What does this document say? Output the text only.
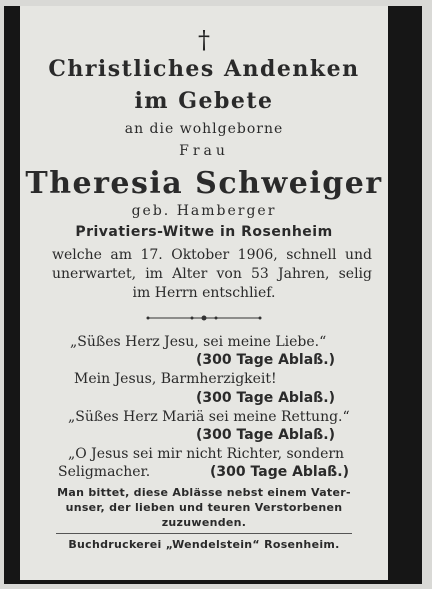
†
Christliches Andenken
im Gebete
an die wohlgeborne
Frau
Theresia Schweiger
geb. Hamberger
Privatiers-Witwe in Rosenheim
welche am 17. Oktober 1906, schnell und
unerwartet, im Alter von 53 Jahren, selig
im Herrn entschlief.
„Süßes Herz Jesu, sei meine Liebe.“
(300 Tage Ablaß.)
Mein Jesus, Barmherzigkeit!
(300 Tage Ablaß.)
„Süßes Herz Mariä sei meine Rettung.“
(300 Tage Ablaß.)
„O Jesus sei mir nicht Richter, sondern
Seligmacher.	(300 Tage Ablaß.)
Man bittet, diese Ablässe nebst einem Vater-
unser, der lieben und teuren Verstorbenen
zuzuwenden.
Buchdruckerei „Wendelstein“ Rosenheim.
